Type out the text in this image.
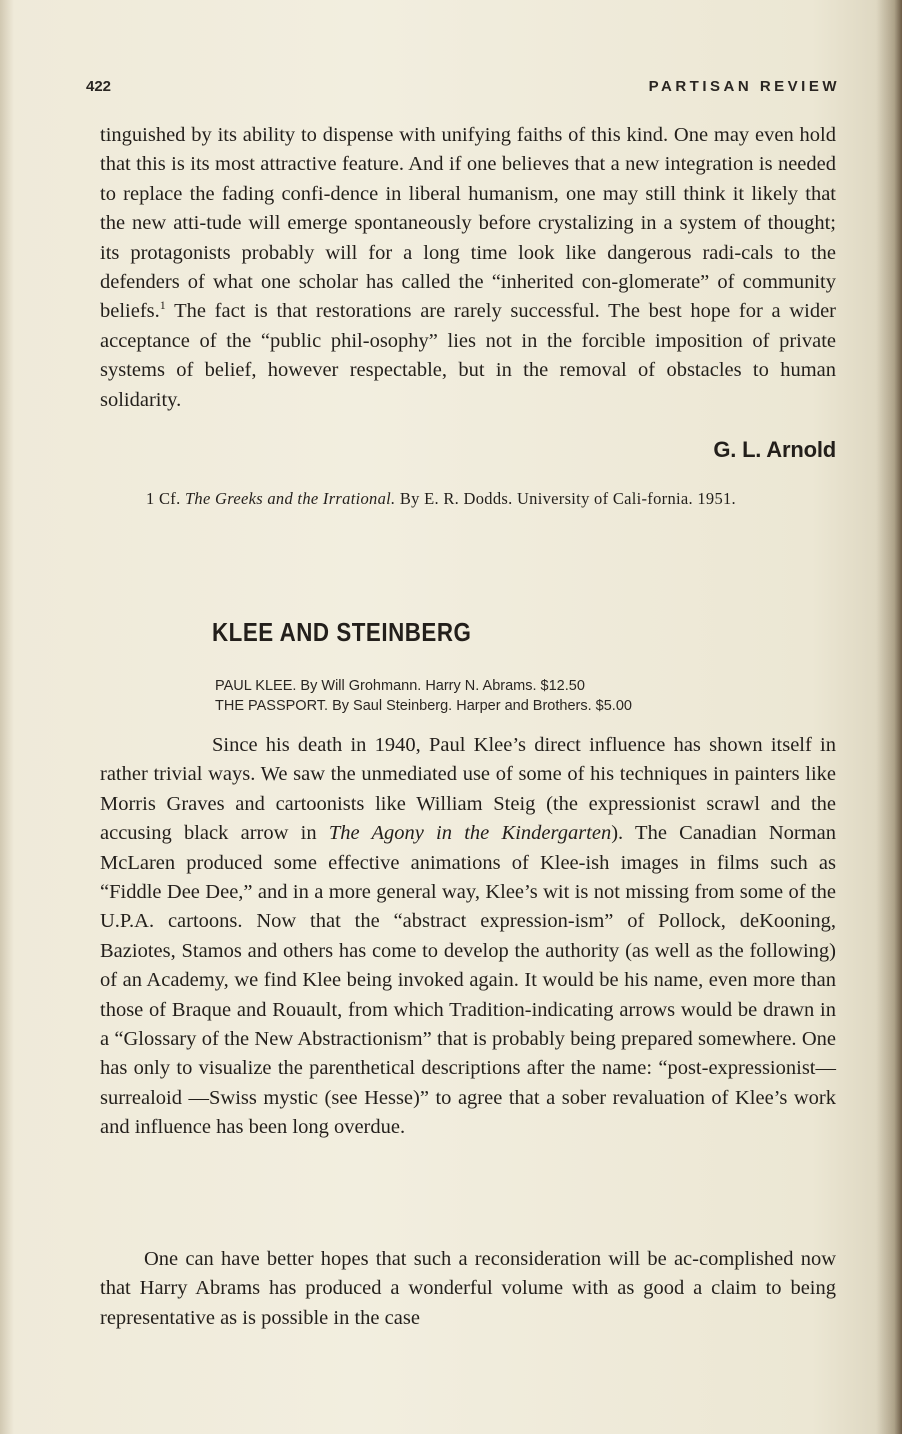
422	PARTISAN REVIEW

tinguished by its ability to dispense with unifying faiths of this kind. One may even hold that this is its most attractive feature. And if one believes that a new integration is needed to replace the fading confi-dence in liberal humanism, one may still think it likely that the new atti-tude will emerge spontaneously before crystalizing in a system of thought; its protagonists probably will for a long time look like dangerous radi-cals to the defenders of what one scholar has called the “inherited con-glomerate” of community beliefs.$^1$ The fact is that restorations are rarely successful. The best hope for a wider acceptance of the “public phil-osophy” lies not in the forcible imposition of private systems of belief, however respectable, but in the removal of obstacles to human solidarity.

G. L. Arnold

1 Cf. The Greeks and the Irrational. By E. R. Dodds. University of Cali-fornia. 1951.

KLEE AND STEINBERG
PAUL KLEE. By Will Grohmann. Harry N. Abrams. $12.50
THE PASSPORT. By Saul Steinberg. Harper and Brothers. $5.00

Since his death in 1940, Paul Klee’s direct influence has shown itself in rather trivial ways. We saw the unmediated use of some of his techniques in painters like Morris Graves and cartoonists like William Steig (the expressionist scrawl and the accusing black arrow in The Agony in the Kindergarten). The Canadian Norman McLaren produced some effective animations of Klee-ish images in films such as “Fiddle Dee Dee,” and in a more general way, Klee’s wit is not missing from some of the U.P.A. cartoons. Now that the “abstract expression-ism” of Pollock, deKooning, Baziotes, Stamos and others has come to develop the authority (as well as the following) of an Academy, we find Klee being invoked again. It would be his name, even more than those of Braque and Rouault, from which Tradition-indicating arrows would be drawn in a “Glossary of the New Abstractionism” that is probably being prepared somewhere. One has only to visualize the parenthetical descriptions after the name: “post-expressionist—surrealoid —Swiss mystic (see Hesse)” to agree that a sober revaluation of Klee’s work and influence has been long overdue.

One can have better hopes that such a reconsideration will be ac-complished now that Harry Abrams has produced a wonderful volume with as good a claim to being representative as is possible in the case
